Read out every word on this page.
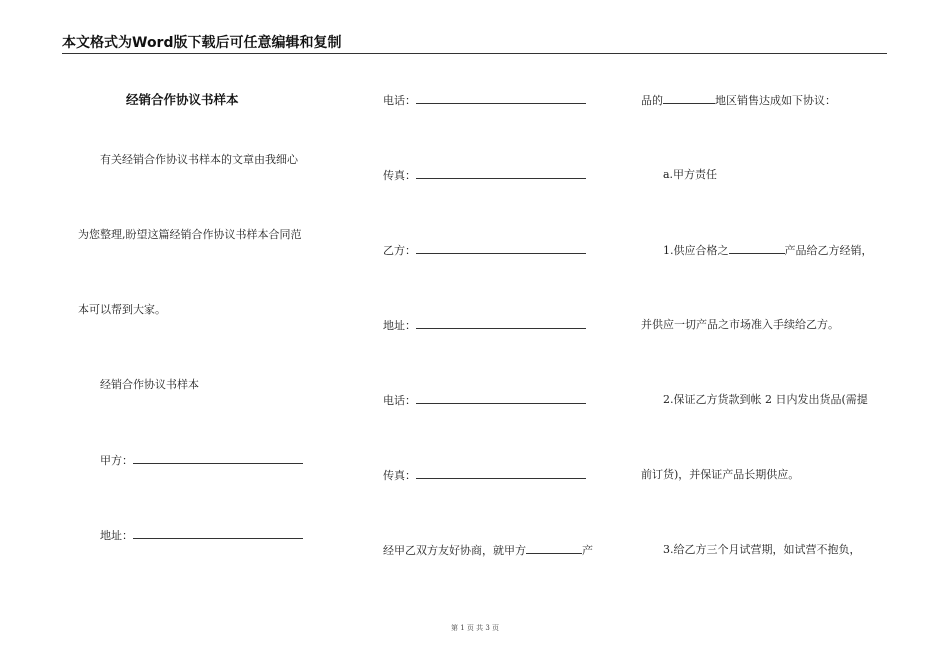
本文格式为Word版下载后可任意编辑和复制
经销合作协议书样本
有关经销合作协议书样本的文章由我细心
为您整理,盼望这篇经销合作协议书样本合同范
本可以帮到大家。
经销合作协议书样本
甲方：
地址：
电话：
传真：
乙方：
地址：
电话：
传真：
经甲乙双方友好协商，就甲方	产
品的	地区销售达成如下协议：
a.甲方责任
1.供应合格之	产品给乙方经销，
并供应一切产品之市场准入手续给乙方。
2.保证乙方货款到帐 2 日内发出货品(需提
前订货)，并保证产品长期供应。
3.给乙方三个月试营期，如试营不抱负，
第 1 页 共 3 页
